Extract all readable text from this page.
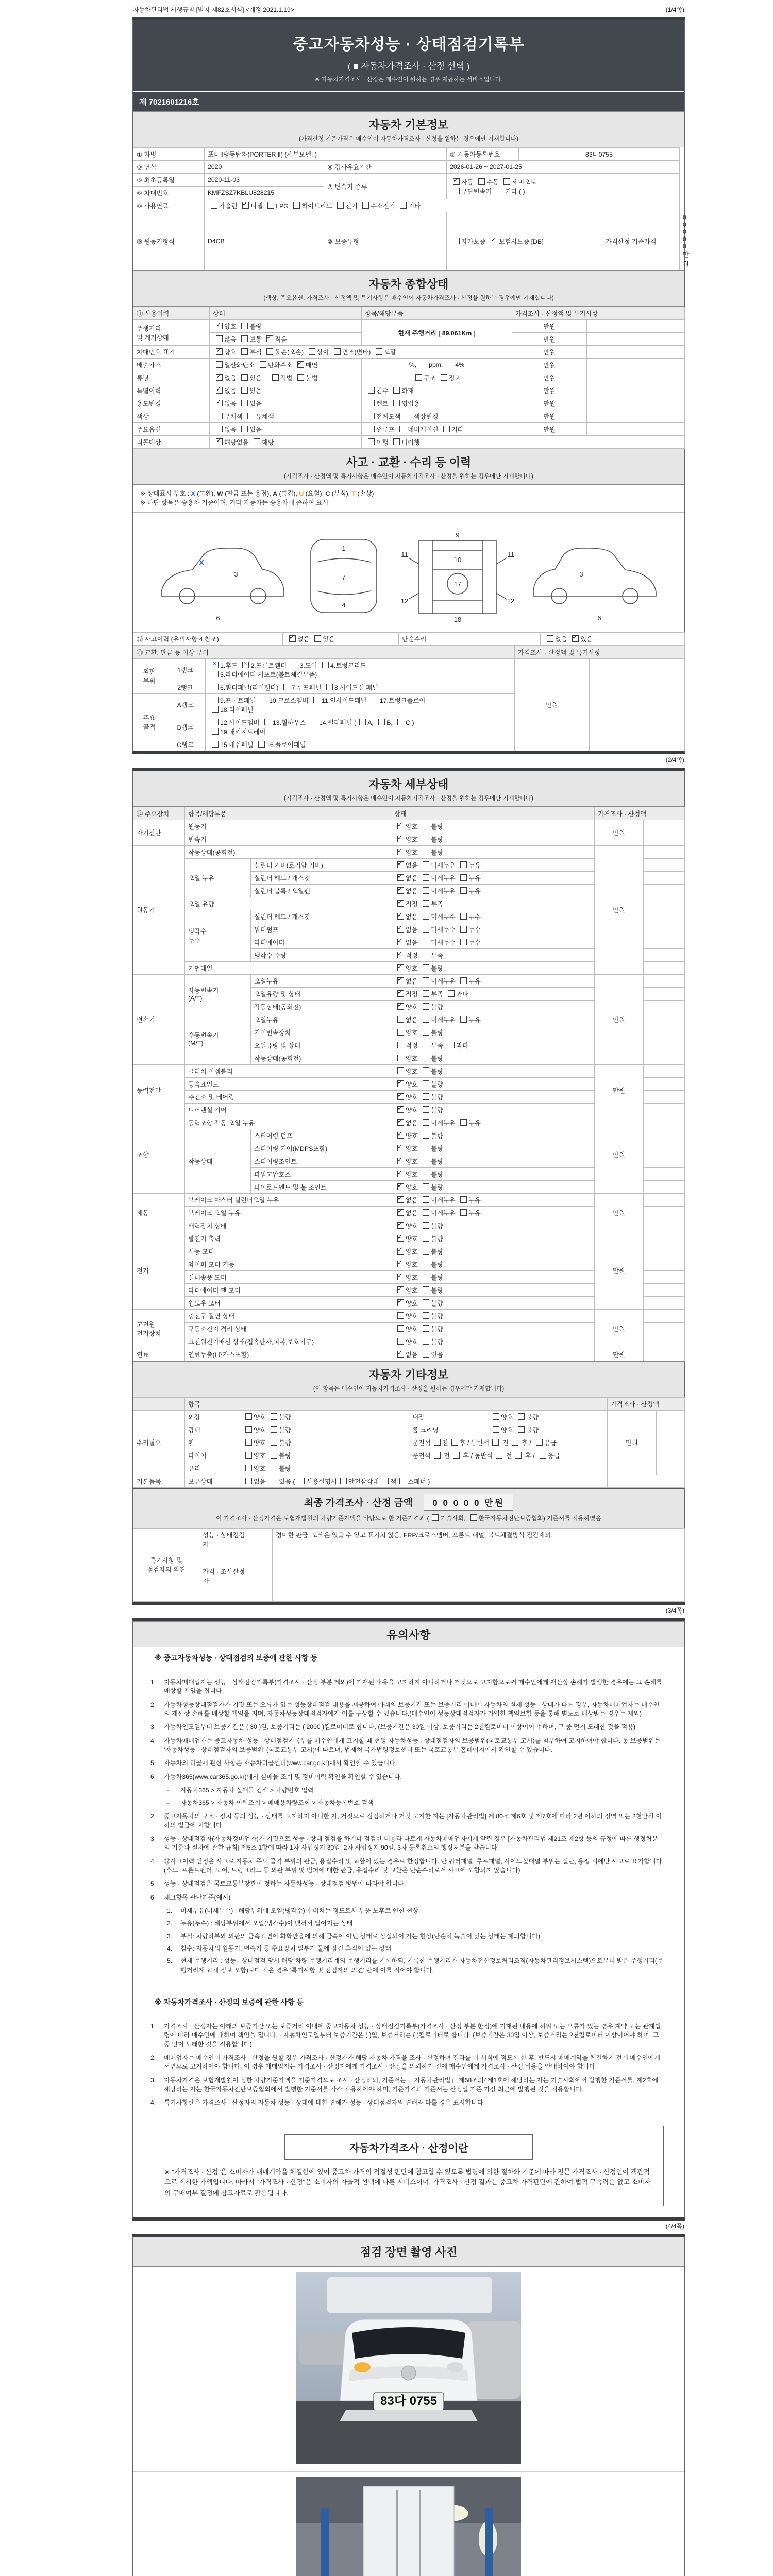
자동차관리법 시행규칙 [별지 제82호서식] <개정 2021.1.19>	(1/4쪽)
중고자동차성능 · 상태점검기록부
( ■ 자동차가격조사 · 산정 선택 )
※ 자동차가격조사 · 산정은 매수인이 원하는 경우 제공하는 서비스입니다.
제 7021601216호
자동차 기본정보
(가격산정 기준가격은 매수인이 자동차가격조사 · 산정을 원하는 경우에만 기재합니다)
① 차명	포터Ⅱ냉동탑차(PORTER Ⅱ) (세부모델: )		② 자동차등록번호	83다0755		
③ 연식	2020	④ 검사유효기간	2026-01-26 ~ 2027-01-25			
⑤ 최초등록일	2020-11-03	⑦ 변속기 종류	✓자동 수동 세미오토
무단변속기 기타 ( )
⑥ 차대번호	KMFZSZ7KBLU828215					
⑧ 사용연료	가솔린 ✓디젤 LPG 하이브리드 전기 수소전기 기타
⑨ 원동기형식	D4CB	⑩ 보증유형	자가보증 ✓보험사보증 [DB]		가격산정 기준가격	0 0 0 0 0 만원
자동차 종합상태
(색상, 주요옵션, 가격조사 · 산정액 및 특기사항은 매수인이 자동차가격조사 · 산정을 원하는 경우에만 기재합니다)
⑪ 사용이력	상태	항목/해당부품	가격조사 · 산정액 및 특기사항	
주행거리
및 계기상태	✓양호 불량	현재 주행거리 [ 89,061Km ]	만원	
	많음 보통 ✓적음		만원	
차대번호 표기	✓양호 부식 훼손(오손) 상이 변조(변타) 도말		만원	
배출가스	일산화탄소 탄화수소 ✓매연	%,       ppm,       4%	만원	
튜닝	✓없음 있음    적법 불법	구조 장치	만원	
특별이력	✓없음 있음	침수 화재	만원	
용도변경	✓없음 있음	렌트 영업용	만원	
색상	무채색 유채색	전체도색 색상변경	만원	
주요옵션	없음 있음	썬루프 네비게이션 기타	만원	
리콜대상	✓해당없음 해당	이행 미이행		
사고 · 교환 · 수리 등 이력
(가격조사 · 산정액 및 특기사항은 매수인이 자동차가격조사 · 산정을 원하는 경우에만 기재합니다)
※ 상태표시 부호 : X (교환), W (판금 또는 용접), A (흠집), U (요철), C (부식), T (손상)
※ 하단 항목은 승용차 기준이며, 기타 자동차는 승용차에 준하여 표시
3
6
1
7
4
9
10
11	11
12	12
17
18
3
6
X
⑫ 사고이력 (유의사항 4.참조)	✓없음 있음	단순수리	없음 ✓있음
⑬ 교환, 판금 등 이상 부위			가격조사 · 산정액 및 특기사항	
외판
부위	1랭크	✕1.후드 ✕2.프론트휀더 3.도어 4.트렁크리드
5.라디에이터 서포트(볼트체결부품)	만원	
	2랭크	6.쿼더패널(리어휀다) 7.루프패널 8.사이드실 패널		
주요
골격	A랭크	9.프론트패널 10.크로스멤버 11.인사이드패널 17.트렁크플로어
18.리어패널		
	B랭크	12.사이드멤버 13.휠하우스 14.필러패널 ( A, B, C )
19.패키지트레이		
	C랭크	15.대쉬패널 16.플로어패널		
(2/4쪽)
자동차 세부상태
(가격조사 · 산정액 및 특기사항은 매수인이 자동차가격조사 · 산정을 원하는 경우에만 기재합니다)
⑭ 주요장치	항목/해당부품		상태	가격조사 · 산정액	
자기진단	원동기	✓양호 불량	만원	
	변속기	✓양호 불량	
원동기	작동상태(공회전)	✓양호 불량	만원	
	오일 누유	실린더 커버(로커암 커버)	✓없음 미세누유 누유	
		실린더 헤드 / 개스킷	✓없음 미세누유 누유	
		실린더 블록 / 오일팬	✓없음 미세누유 누유	
	오일 유량	✓적정 부족	
	냉각수
누수	실린더 헤드 / 개스킷	✓없음 미세누수 누수	
		워터펌프	✓없음 미세누수 누수	
		라디에이터	✓없음 미세누수 누수	
		냉각수 수량	✓적정 부족	
	커먼레일	✓양호 불량	
변속기	자동변속기
(A/T)	오일누유	✓없음 미세누유 누유	만원	
		오일유량 및 상태	✓적정 부족 과다	
		작동상태(공회전)	✓양호 불량	
	수동변속기
(M/T)	오일누유	없음 미세누유 누유		
		기어변속장치	양호 불량		
		오일유량 및 상태	적정 부족 과다		
		작동상태(공회전)	양호 불량		
동력전달	클러치 어셈블리		양호 불량	만원	
	등속죠인트	✓양호 불량	
	추진축 및 베어링	✓양호 불량	
	디퍼렌셜 기어	✓양호 불량	
조향	동력조향 작동 오일 누유	✓없음 미세누유 누유	만원	
	작동상태	스티어링 펌프	✓양호 불량	
		스티어링 기어(MDPS포함)	✓양호 불량	
		스티어링조인트	✓양호 불량	
		파워고압호스	✓양호 불량	
		타이로드엔드 및 볼 조인트	✓양호 불량	
제동	브레이크 마스터 실린더오일 누유	✓없음 미세누유 누유	만원	
	브레이크 오일 누유	✓없음 미세누유 누유	
	배력장치 상태	✓양호 불량	
전기	발전기 출력	✓양호 불량	만원	
	시동 모터	✓양호 불량	
	와이퍼 모터 기능	✓양호 불량	
	실내송풍 모터	✓양호 불량	
	라디에이터 팬 모터	✓양호 불량	
	윈도우 모터	✓양호 불량	
고전원
전기장치	충전구 절연 상태		양호 불량	만원	
	구동축전지 격리 상태		양호 불량		
	고전원전기배선 상태(접속단자,피복,보호기구)		양호 불량		
연료	연료누출(LP가스포함)	✓없음 있음	만원	
자동차 기타정보
(이 항목은 매수인이 자동차가격조사 · 산정을 원하는 경우에만 기재합니다)
	항목				가격조사 · 산정액	
수리필요	외장	양호 불량	내장	양호 불량	만원	
	광택	양호 불량	룸 크리닝	양호 불량		
	휠	양호 불량	운전석 전 후 / 동반석 전 후 / 응급			
	타이어	양호 불량	운전석 전 후 / 동반석 전 후 / 응급			
	유리	양호 불량				
기본품목	보유상태	없음 있음 ( 사용설명서 안전삼각대 잭 스패너 )				
최종 가격조사 · 산정 금액 0 0 0 0 0 만원
이 가격조사 · 산정가격은 보험개발원의 차량기준가액을 바탕으로 한 기준가격과 ( 기술사회, 한국자동차진단보증협회) 기준서를 적용하였음
특기사항 및
점검자의 의견	성능 · 상태점검
자	경미한 판금, 도색은 있을 수 있고 표기치 않음, FRP/크로스멤버, 프론트 패널, 볼트체결방식 점검제외.
	가격 · 조사산정
자	
(3/4쪽)
유의사항
※ 중고자동차성능 · 상태점검의 보증에 관한 사항 등
1.	자동차매매업자는 성능 · 상태점검기록부(가격조사 · 산정 부분 제외)에 기재된 내용을 고지하지 아니하거나 거짓으로 고지함으로써 매수인에게 재산상 손해가 발생한 경우에는 그 손해를 배상할 책임을 집니다.
2.	자동차성능상태점검자가 거짓 또는 오류가 있는 성능상태점검 내용을 제공하여 아래의 보증기간 또는 보증거리 이내에 자동차의 실제 성능 · 상태가 다른 경우, 자동차매매업자는 매수인의 재산상 손해를 배상할 책임을 지며, 자동차성능상태점검자에게 이를 구상할 수 있습니다.(매수인이 성능상태점검자가 가입한 책임보험 등을 통해 별도로 배상받는 경우는 제외)
3.	자동차인도일부터 보증기간은 ( 30 )일, 보증거리는 ( 2000 )킬로미터로 합니다. (보증기간은 30일 이상, 보증거리는 2천킬로미터 이상이어야 하며, 그 중 먼저 도래한 것을 적용)
4.	자동차매매업자는 중고자동차 성능 · 상태점검기록부를 매수인에게 고지할 때 현행 자동차성능 · 상태점검자의 보증범위(국토교통부 고시)를 첨부하여 고지하여야 합니다. 동 보증범위는 '자동차성능 · 상태점검자의 보증범위' (국토교통부 고시)에 따르며, 법제처 국가법령정보센터 또는 국토교통부 홈페이지에서 확인할 수 있습니다.
5.	자동차의 리콜에 관한 사항은 자동차리콜센터(www.car.go.kr)에서 확인할 수 있습니다.
6.	자동차365(www.car365.go.kr)에서 실매물 조회 및 정비이력 확인을 확인할 수 있습니다.
-	자동차365 > 자동차 실매물 검색 > 차량번호 입력
-	자동차365 > 자동차 이력조회 > 매매용차량조회 > 자동차등록번호 검색
2.	중고자동차의 구조 · 장치 등의 성능 · 상태를 고지하지 아니한 자, 거짓으로 점검하거나 거짓 고지한 자는 [자동차관리법] 제 80조 제6호 및 제7호에 따라 2년 이하의 징역 또는 2천만원 이하의 벌금에 처합니다.
3.	성능 · 상태점검자(자동차정비업자)가 거짓으로 성능 · 상태 점검을 하거나 점검한 내용과 다르게 자동차매매업자에게 알린 경우 [자동차관리법 제21조 제2항 등의 규정에 따른 행정처분의 기준과 절차에 관한 규칙] 제5조 1항에 따라 1차 사업정지 30일, 2차 사업정지 90일, 3차 등록취소의 행정처분을 받습니다.
4.	⑫사고이력 인정은 사고로 자동차 주요 골격 부위의 판금, 용접수리 및 교환이 있는 경우로 한정합니다. 단 쿼터패널, 루프패널, 사이드실패널 부위는 절단, 용접 시에만 사고로 표기합니다. (후드, 프론트펜더, 도어, 트렁크리드 등 외판 부위 및 범퍼에 대한 판금, 용접수리 및 교환은 단순수리로서 사고에 포함되지 않습니다)
5.	성능 · 상태점검은 국토교통부장관이 정하는 자동차성능 · 상태점검 방법에 따라야 합니다.
6.	체크항목 판단기준(예시)
1.	미세누유(미세누수) : 해당부위에 오일(냉각수)이 비치는 정도로서 부품 노후로 인한 현상
2.	누유(누수) : 해당부위에서 오일(냉각수)이 맺혀서 떨어지는 상태
3.	부식: 차량하부와 외판의 금속표면이 화학반응에 의해 금속이 아닌 상태로 상실되어 가는 현상(단순히 녹슬어 있는 상태는 제외합니다)
4.	침수: 자동차의 원동기, 변속기 등 주요장치 일부가 물에 잠긴 흔적이 있는 상태
5.	현재 주행거리 : 성능 · 상태점검 당시 해당 차량 주행거리계의 주행거리를 기록하되, 기록한 주행거리가 자동차전산정보처리조직(자동차관리정보시스템)으로부터 받은 주행거리(주행거리계 교체 정보 포함)보다 적은 경우 '특기사항 및 점검자의 의견' 란에 이를 적어야 합니다.
※ 자동차가격조사 · 산정의 보증에 관한 사항 등
1.	가격조사 · 산정자는 아래의 보증기간 또는 보증거리 이내에 중고자동차 성능 · 상태점검기록부(가격조사 · 산정 부분 한정)에 기재된 내용에 허위 또는 오류가 있는 경우 계약 또는 관계법령에 따라 매수인에 대하여 책임을 집니다. · 자동차인도일부터 보증기간은 ( )일, 보증거리는 ( )킬로미터로 합니다. (보증기간은 30일 이상, 보증거리는 2천킬로미터 이상이어야 하며, 그 중 먼저 도래한 것을 적용합니다)
2.	매매업자는 매수인이 가격조사 · 산정을 원할 경우 가격조사 · 산정자가 해당 자동차 가격을 조사 · 산정하여 결과를 이 서식에 적도록 한 후, 반드시 매매계약을 체결하기 전에 매수인에게 서면으로 고지하여야 합니다. 이 경우 매매업자는 가격조사 · 산정자에게 가격조사 · 산정을 의뢰하기 전에 매수인에게 가격조사 · 산정 비용을 안내하여야 합니다.
3.	자동차가격은 보험개발원이 정한 차량기준가액을 기준가격으로 조사 · 산정하되, 기준서는 「자동차관리법」 제58조의4제1호에 해당하는 자는 기술사회에서 발행한 기준서를, 제2호에 해당하는 자는 한국자동차진단보증협회에서 발행한 기준서를 각각 적용하여야 하며, 기준가격과 기준서는 산정일 기준 가장 최근에 발행된 것을 적용합니다.
4.	특기사항란은 가격조사 · 산정자의 자동차 성능 · 상태에 대한 견해가 성능 · 상태점검자의 견해와 다를 경우 표시합니다.
자동차가격조사 · 산정이란
※ "가격조사 · 산정"은 소비자가 매매계약을 체결함에 있어 중고차 가격의 적절성 판단에 참고할 수 있도록 법령에 의한 절차와 기준에 따라 전문 가격조사 · 산정인이 객관적으로 제시한 가액입니다. 따라서 "가격조사 · 산정"은 소비자의 자율적 선택에 따른 서비스이며, 가격조사 · 산정 결과는 중고차 가격판단에 관하여 법적 구속력은 없고 소비자의 구매여부 결정에 참고자료로 활용됩니다.
(4/4쪽)
점검 장면 촬영 사진
83다 0755
